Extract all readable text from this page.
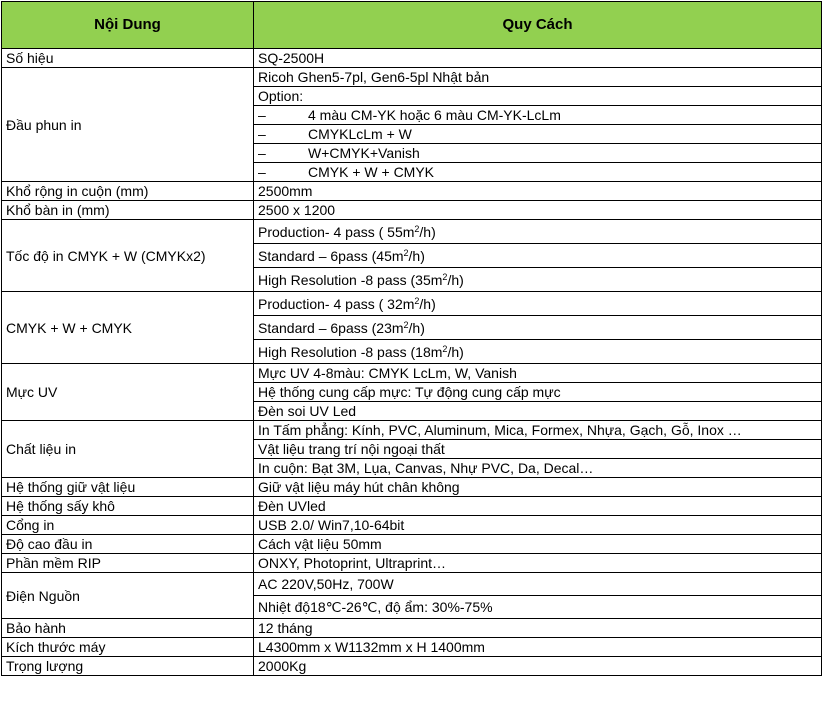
Nội Dung	Quy Cách
Số hiệu	SQ-2500H
Đầu phun in	Ricoh Ghen5-7pl, Gen6-5pl Nhật bản
	Option:
	– 4 màu CM-YK hoặc 6 màu CM-YK-LcLm
	– CMYKLcLm + W
	– W+CMYK+Vanish
	– CMYK + W + CMYK
Khổ rộng in cuộn (mm)	2500mm
Khổ bàn in (mm)	2500 x 1200
Tốc độ in CMYK + W (CMYKx2)	Production- 4 pass ( $55m^2/h$)
	Standard – 6pass $(45m^2/h)$
	High Resolution -8 pass $(35m^2/h)$
CMYK + W + CMYK	Production- 4 pass ( $32m^2/h$)
	Standard – 6pass $(23m^2/h)$
	High Resolution -8 pass $(18m^2/h)$
Mực UV	Mực UV 4-8màu: CMYK LcLm, W, Vanish
	Hệ thống cung cấp mực: Tự động cung cấp mực
	Đèn soi UV Led
Chất liệu in	In Tấm phẳng: Kính, PVC, Aluminum, Mica, Formex, Nhựa, Gạch, Gỗ, Inox …
	Vật liệu trang trí nội ngoại thất
	In cuộn: Bạt 3M, Lụa, Canvas, Nhự PVC, Da, Decal…
Hệ thống giữ vật liệu	Giữ vật liệu máy hút chân không
Hệ thống sấy khô	Đèn UVled
Cổng in	USB 2.0/ Win7,10-64bit
Độ cao đầu in	Cách vật liệu 50mm
Phần mềm RIP	ONXY, Photoprint, Ultraprint…
Điện Nguồn	AC 220V,50Hz, 700W
	Nhiệt độ18℃-26℃, độ ẩm: 30%-75%
Bảo hành	12 tháng
Kích thước máy	L4300mm x W1132mm x H 1400mm
Trọng lượng	2000Kg
